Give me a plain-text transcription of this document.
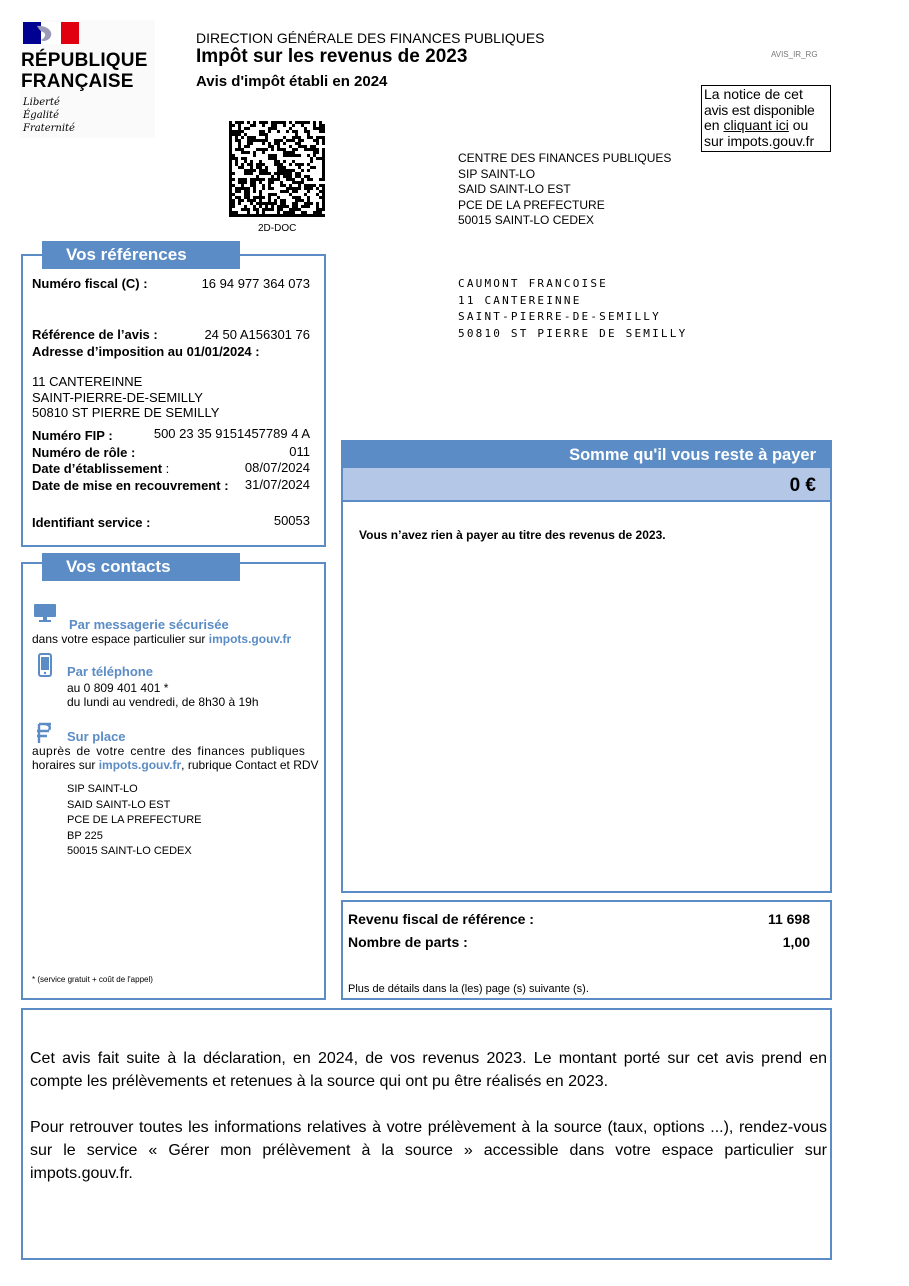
RÉPUBLIQUE
FRANÇAISE
Liberté
Égalité
Fraternité
DIRECTION GÉNÉRALE DES FINANCES PUBLIQUES
Impôt sur les revenus de 2023
Avis d'impôt établi en 2024
AVIS_IR_RG
2D-DOC
La notice de cet
avis est disponible
en cliquant ici ou
sur impots.gouv.fr
CENTRE DES FINANCES PUBLIQUES
SIP SAINT-LO
SAID SAINT-LO EST
PCE DE LA PREFECTURE
50015 SAINT-LO CEDEX
CAUMONT FRANCOISE
11 CANTEREINNE
SAINT-PIERRE-DE-SEMILLY
50810 ST PIERRE DE SEMILLY
Vos références
Numéro fiscal (C) :	16 94 977 364 073
Référence de l’avis :	24 50 A156301 76
Adresse d’imposition au 01/01/2024 :
11 CANTEREINNE
SAINT-PIERRE-DE-SEMILLY
50810 ST PIERRE DE SEMILLY
Numéro FIP :	500 23 35 9151457789 4 A
Numéro de rôle :	011
Date d’établissement :	08/07/2024
Date de mise en recouvrement : 31/07/2024
Identifiant service :	50053
Vos contacts
Par messagerie sécurisée
dans votre espace particulier sur impots.gouv.fr
Par téléphone
au 0 809 401 401 *
du lundi au vendredi, de 8h30 à 19h
Sur place
auprès de votre centre des finances publiques
horaires sur impots.gouv.fr, rubrique Contact et RDV
SIP SAINT-LO
SAID SAINT-LO EST
PCE DE LA PREFECTURE
BP 225
50015 SAINT-LO CEDEX
* (service gratuit + coût de l'appel)
Somme qu'il vous reste à payer
0 €
Vous n’avez rien à payer au titre des revenus de 2023.
Revenu fiscal de référence :	11 698
Nombre de parts :	1,00
Plus de détails dans la (les) page (s) suivante (s).
Cet avis fait suite à la déclaration, en 2024, de vos revenus 2023. Le montant porté sur cet avis prend en compte les prélèvements et retenues à la source qui ont pu être réalisés en 2023.
Pour retrouver toutes les informations relatives à votre prélèvement à la source (taux, options ...), rendez-vous sur le service « Gérer mon prélèvement à la source » accessible dans votre espace particulier sur impots.gouv.fr.
